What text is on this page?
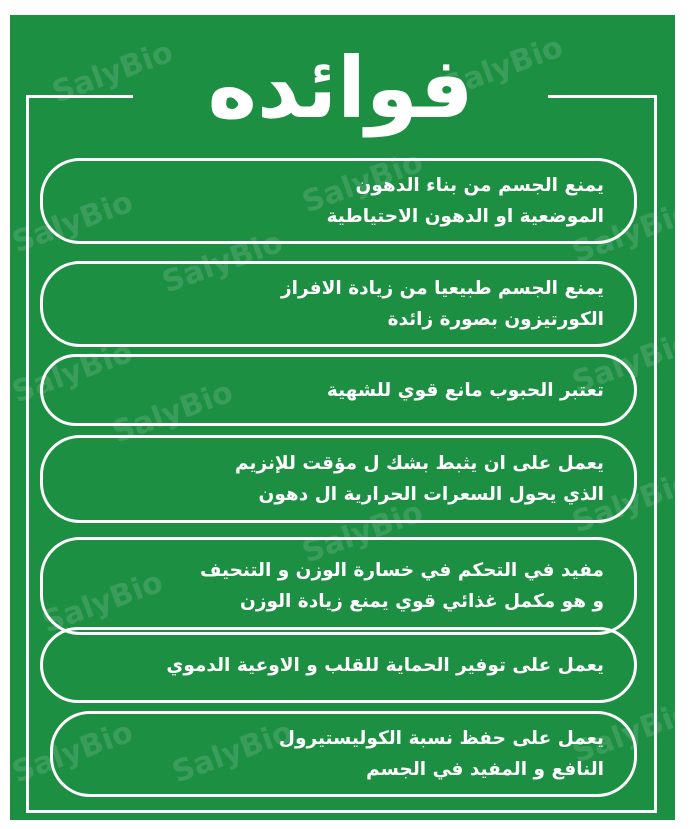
SalyBio	SalyBio
SalyBio
SalyBio
SalyBio
SalyBio
SalyBio
SalyBio
SalyBio
SalyBio
SalyBio
SalyBio
SalyBio SalyBio	SalyBio
فوائده
يمنع الجسم من بناء الدهون
الموضعية او الدهون الاحتياطية
يمنع الجسم طبيعيا من زيادة الافراز
الكورتيزون بصورة زائدة
تعتبر الحبوب مانع قوي للشهية
يعمل على ان يثبط بشك ل مؤقت للإنزيم
الذي يحول السعرات الحرارية ال دهون
مفيد في التحكم في خسارة الوزن و التنحيف
و هو مكمل غذائي قوي يمنع زيادة الوزن
يعمل على توفير الحماية للقلب و الاوعية الدموي
يعمل على حفظ نسبة الكوليستيرول
النافع و المفيد في الجسم
